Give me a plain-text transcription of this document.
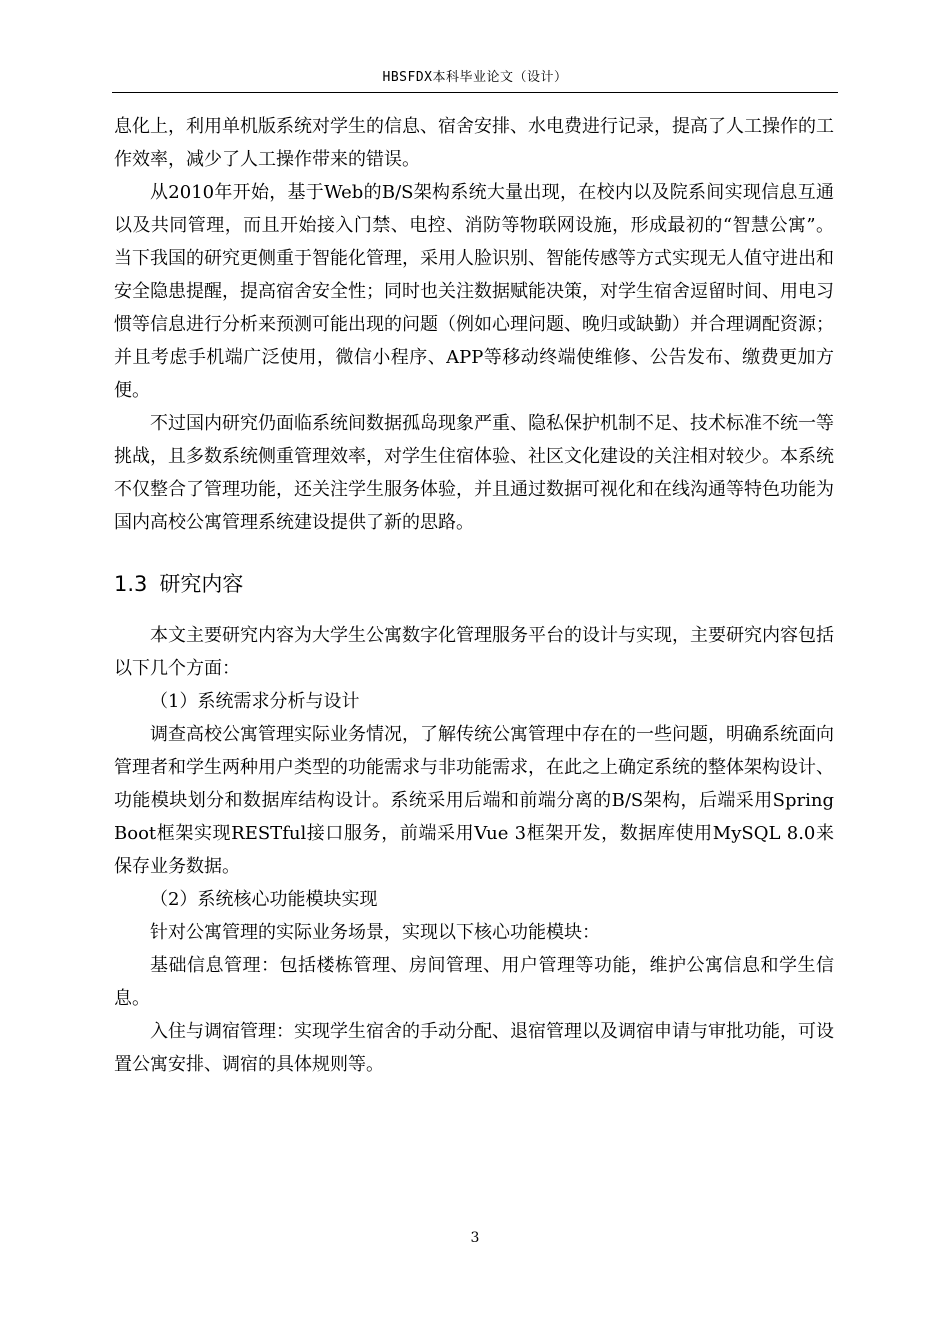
HBSFDX本科毕业论文（设计）

息化上，利用单机版系统对学生的信息、宿舍安排、水电费进行记录，提高了人工操作的工作效率，减少了人工操作带来的错误。

从2010年开始，基于Web的B/S架构系统大量出现，在校内以及院系间实现信息互通以及共同管理，而且开始接入门禁、电控、消防等物联网设施，形成最初的“智慧公寓”。当下我国的研究更侧重于智能化管理，采用人脸识别、智能传感等方式实现无人值守进出和安全隐患提醒，提高宿舍安全性；同时也关注数据赋能决策，对学生宿舍逗留时间、用电习惯等信息进行分析来预测可能出现的问题（例如心理问题、晚归或缺勤）并合理调配资源；并且考虑手机端广泛使用，微信小程序、APP等移动终端使维修、公告发布、缴费更加方便。

不过国内研究仍面临系统间数据孤岛现象严重、隐私保护机制不足、技术标准不统一等挑战，且多数系统侧重管理效率，对学生住宿体验、社区文化建设的关注相对较少。本系统不仅整合了管理功能，还关注学生服务体验，并且通过数据可视化和在线沟通等特色功能为国内高校公寓管理系统建设提供了新的思路。

1.3 研究内容

本文主要研究内容为大学生公寓数字化管理服务平台的设计与实现，主要研究内容包括以下几个方面：

（1）系统需求分析与设计

调查高校公寓管理实际业务情况，了解传统公寓管理中存在的一些问题，明确系统面向管理者和学生两种用户类型的功能需求与非功能需求，在此之上确定系统的整体架构设计、功能模块划分和数据库结构设计。系统采用后端和前端分离的B/S架构，后端采用Spring Boot框架实现RESTful接口服务，前端采用Vue 3框架开发，数据库使用MySQL 8.0来保存业务数据。

（2）系统核心功能模块实现

针对公寓管理的实际业务场景，实现以下核心功能模块：

基础信息管理：包括楼栋管理、房间管理、用户管理等功能，维护公寓信息和学生信息。

入住与调宿管理：实现学生宿舍的手动分配、退宿管理以及调宿申请与审批功能，可设置公寓安排、调宿的具体规则等。

3
